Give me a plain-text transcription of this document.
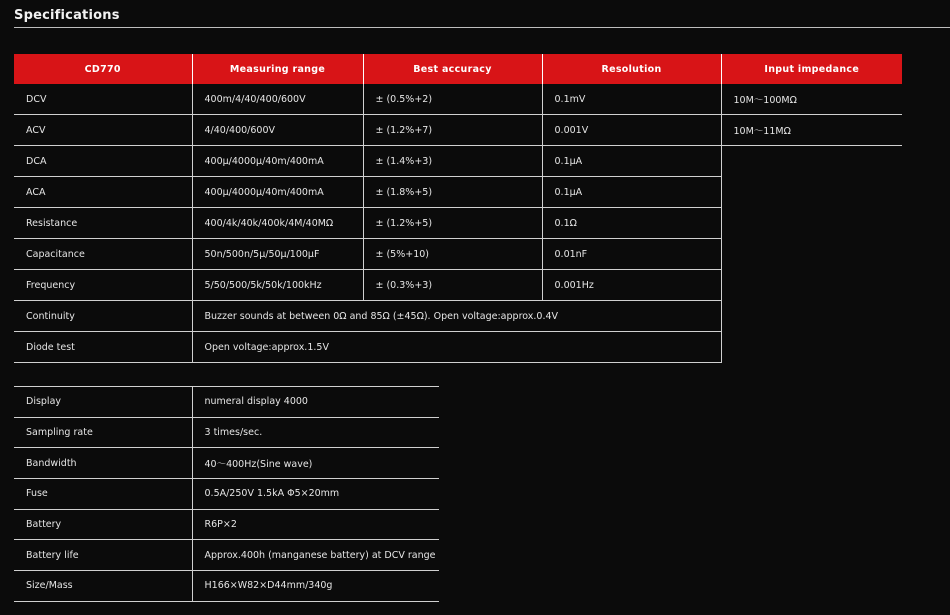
Specifications
CD770	Measuring range	Best accuracy	Resolution	Input impedance
DCV	400m/4/40/400/600V	± (0.5%+2)	0.1mV	10M～100MΩ
ACV	4/40/400/600V	± (1.2%+7)	0.001V	10M～11MΩ
DCA	400μ/4000μ/40m/400mA	± (1.4%+3)	0.1μA	
ACA	400μ/4000μ/40m/400mA	± (1.8%+5)	0.1μA	
Resistance	400/4k/40k/400k/4M/40MΩ	± (1.2%+5)	0.1Ω	
Capacitance	50n/500n/5μ/50μ/100μF	± (5%+10)	0.01nF	
Frequency	5/50/500/5k/50k/100kHz	± (0.3%+3)	0.001Hz	
Continuity	Buzzer sounds at between 0Ω and 85Ω (±45Ω). Open voltage:approx.0.4V			
Diode test	Open voltage:approx.1.5V			
Display	numeral display 4000
Sampling rate	3 times/sec.
Bandwidth	40～400Hz(Sine wave)
Fuse	0.5A/250V 1.5kA Φ5×20mm
Battery	R6P×2
Battery life	Approx.400h (manganese battery) at DCV range
Size/Mass	H166×W82×D44mm/340g
